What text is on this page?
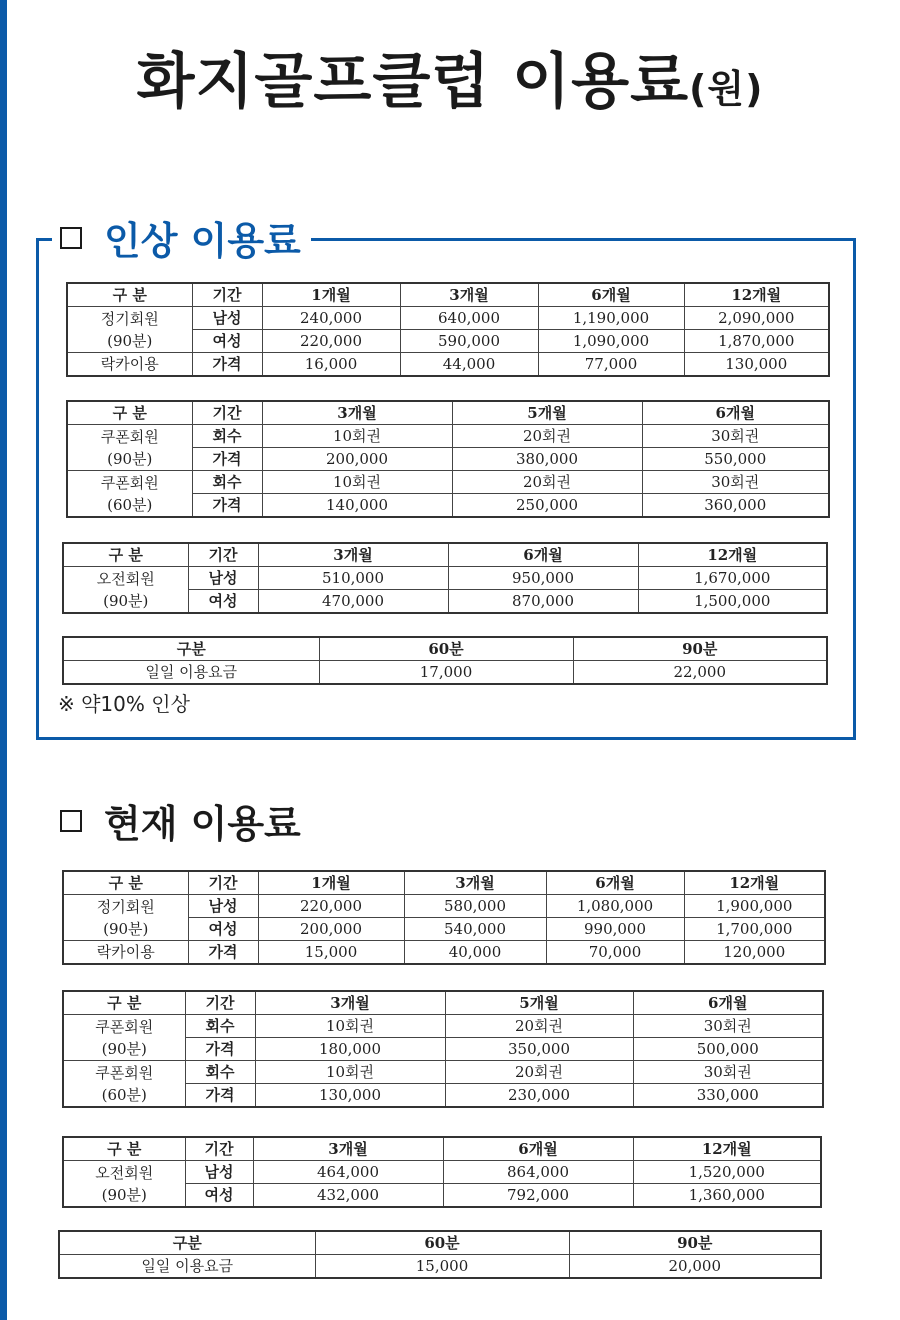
화지골프클럽 이용료(원)
인상 이용료
현재 이용료
구 분	기간	1개월	3개월	6개월	12개월
정기회원
(90분)	남성	240,000	640,000	1,190,000	2,090,000
	여성	220,000	590,000	1,090,000	1,870,000
락카이용	가격	16,000	44,000	77,000	130,000
구 분	기간	3개월	5개월	6개월
쿠폰회원
(90분)	회수	10회권	20회권	30회권
	가격	200,000	380,000	550,000
쿠폰회원
(60분)	회수	10회권	20회권	30회권
	가격	140,000	250,000	360,000
구 분	기간	3개월	6개월	12개월
오전회원
(90분)	남성	510,000	950,000	1,670,000
	여성	470,000	870,000	1,500,000
구분	60분	90분
일일 이용요금	17,000	22,000
※ 약10% 인상
구 분	기간	1개월	3개월	6개월	12개월
정기회원
(90분)	남성	220,000	580,000	1,080,000	1,900,000
	여성	200,000	540,000	990,000	1,700,000
락카이용	가격	15,000	40,000	70,000	120,000
구 분	기간	3개월	5개월	6개월
쿠폰회원
(90분)	회수	10회권	20회권	30회권
	가격	180,000	350,000	500,000
쿠폰회원
(60분)	회수	10회권	20회권	30회권
	가격	130,000	230,000	330,000
구 분	기간	3개월	6개월	12개월
오전회원
(90분)	남성	464,000	864,000	1,520,000
	여성	432,000	792,000	1,360,000
구분	60분	90분
일일 이용요금	15,000	20,000
